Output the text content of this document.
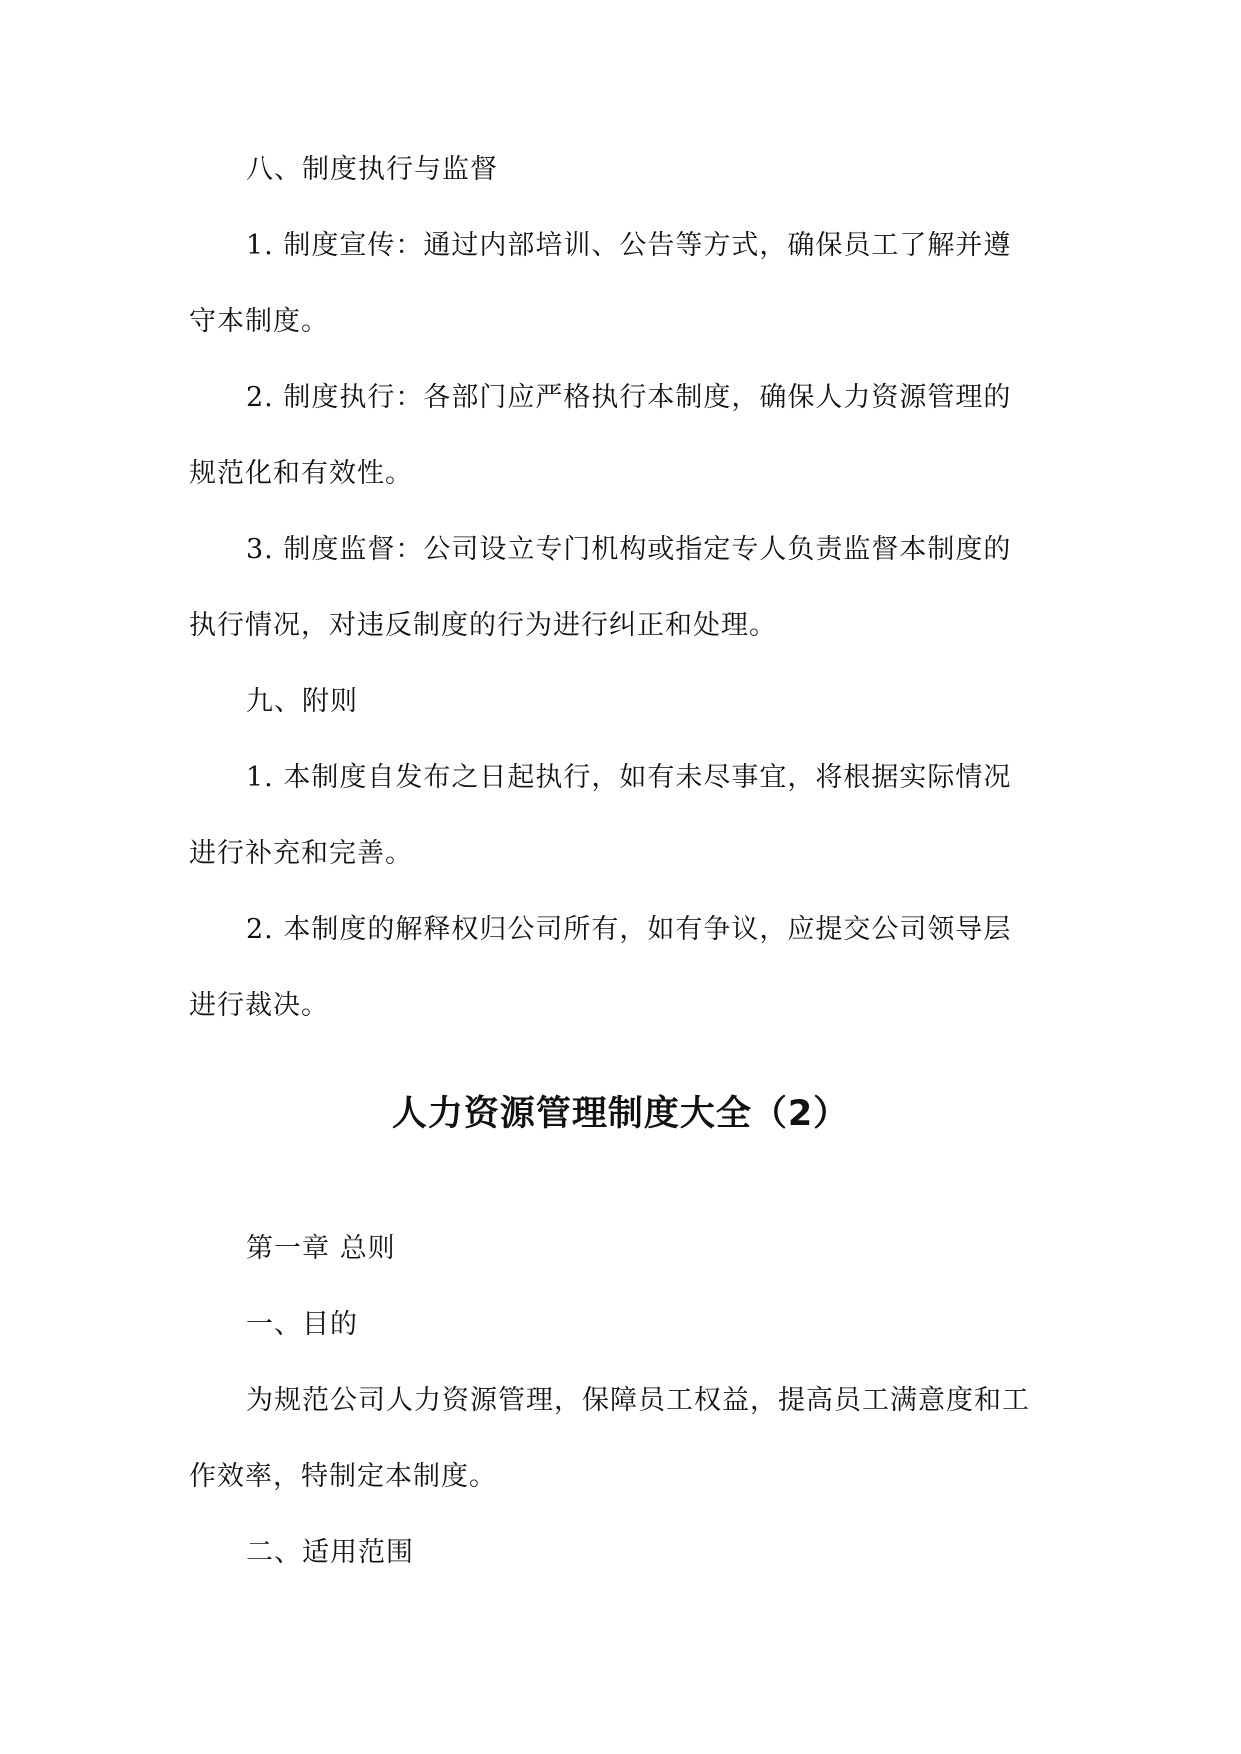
八、制度执行与监督
1. 制度宣传：通过内部培训、公告等方式，确保员工了解并遵
守本制度。
2. 制度执行：各部门应严格执行本制度，确保人力资源管理的
规范化和有效性。
3. 制度监督：公司设立专门机构或指定专人负责监督本制度的
执行情况，对违反制度的行为进行纠正和处理。
九、附则
1. 本制度自发布之日起执行，如有未尽事宜，将根据实际情况
进行补充和完善。
2. 本制度的解释权归公司所有，如有争议，应提交公司领导层
进行裁决。
人力资源管理制度大全（2）
第一章 总则
一、目的
为规范公司人力资源管理，保障员工权益，提高员工满意度和工
作效率，特制定本制度。
二、适用范围
